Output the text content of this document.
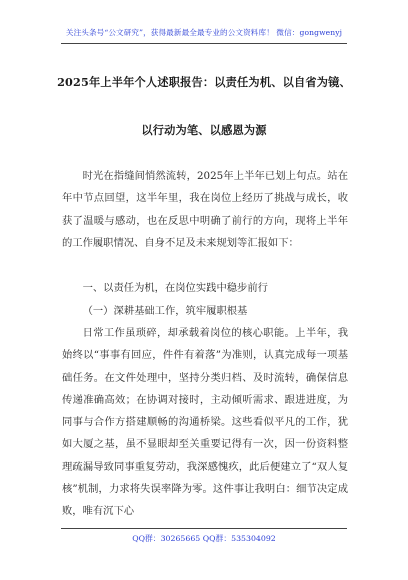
关注头条号“公文研究”，获得最新最全最专业的公文资料库！ 微信：gongwenyj
2025年上半年个人述职报告：以责任为机、以自省为镜、
以行动为笔、以感恩为源

时光在指缝间悄然流转，2025年上半年已划上句点。站在年中节点回望，这半年里，我在岗位上经历了挑战与成长，收获了温暖与感动，也在反思中明确了前行的方向，现将上半年的工作履职情况、自身不足及未来规划等汇报如下：

一、以责任为机，在岗位实践中稳步前行
（一）深耕基础工作，筑牢履职根基

日常工作虽琐碎，却承载着岗位的核心职能。上半年，我始终以“事事有回应，件件有着落”为准则，认真完成每一项基础任务。在文件处理中，坚持分类归档、及时流转，确保信息传递准确高效；在协调对接时，主动倾听需求、跟进进度，为同事与合作方搭建顺畅的沟通桥梁。这些看似平凡的工作，犹如大厦之基，虽不显眼却至关重要记得有一次，因一份资料整理疏漏导致同事重复劳动，我深感愧疚，此后便建立了“双人复核”机制，力求将失误率降为零。这件事让我明白：细节决定成败，唯有沉下心

QQ群：30265665 QQ群：535304092
